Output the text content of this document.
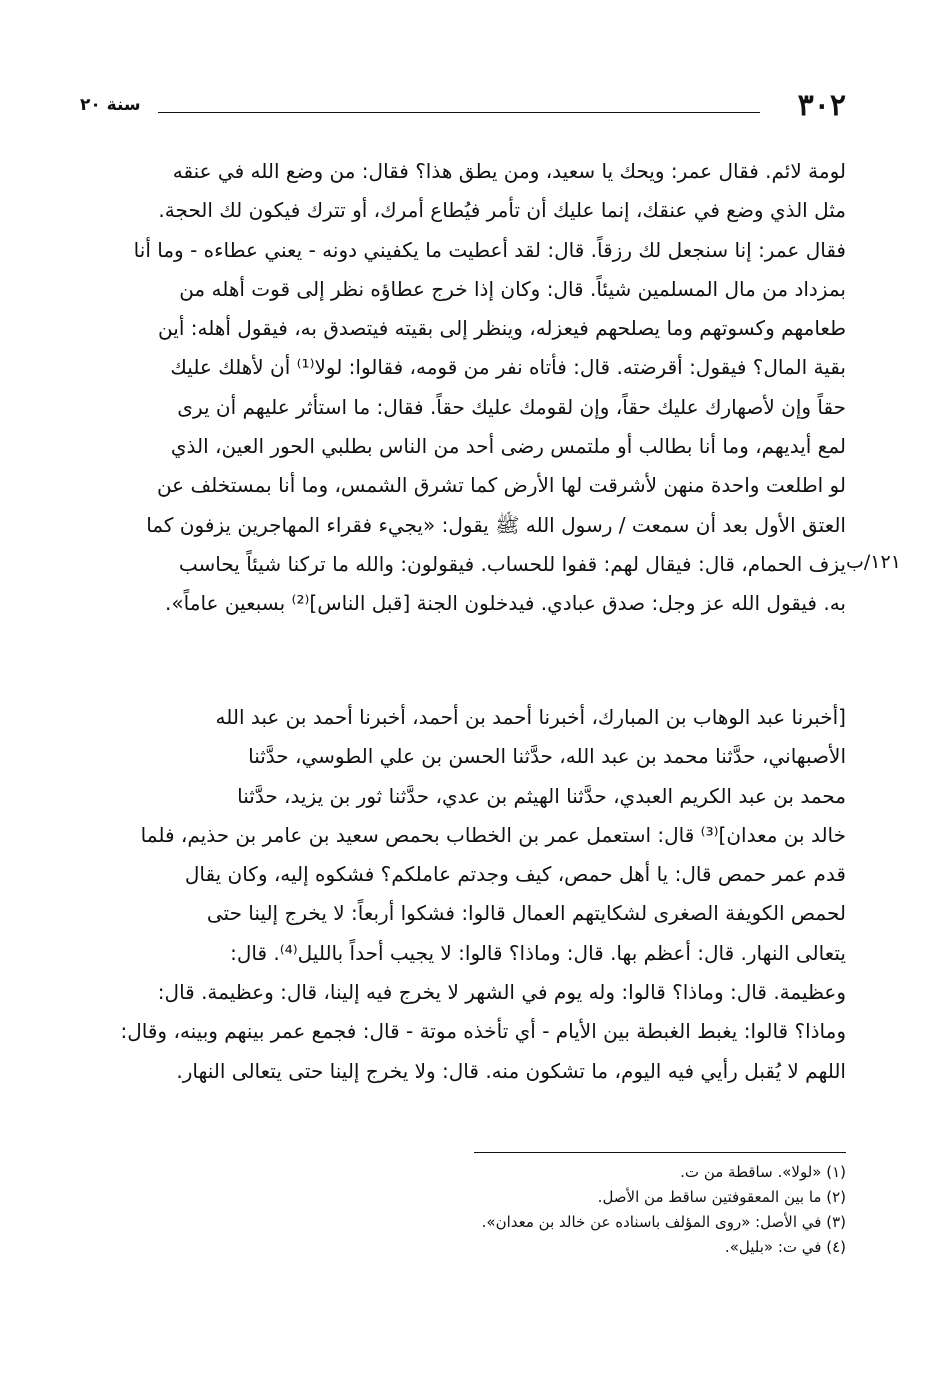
٣٠٢
سنة ٢٠
لومة لائم. فقال عمر: ويحك يا سعيد، ومن يطق هذا؟ فقال: من وضع الله في عنقه
مثل الذي وضع في عنقك، إنما عليك أن تأمر فيُطاع أمرك، أو تترك فيكون لك الحجة.
فقال عمر: إنا سنجعل لك رزقاً. قال: لقد أعطيت ما يكفيني دونه - يعني عطاءه - وما أنا
بمزداد من مال المسلمين شيئاً. قال: وكان إذا خرج عطاؤه نظر إلى قوت أهله من
طعامهم وكسوتهم وما يصلحهم فيعزله، وينظر إلى بقيته فيتصدق به، فيقول أهله: أين
بقية المال؟ فيقول: أقرضته. قال: فأتاه نفر من قومه، فقالوا: لولا⁽¹⁾ أن لأهلك عليك
حقاً وإن لأصهارك عليك حقاً، وإن لقومك عليك حقاً. فقال: ما استأثر عليهم أن يرى
لمع أيديهم، وما أنا بطالب أو ملتمس رضى أحد من الناس بطلبي الحور العين، الذي
لو اطلعت واحدة منهن لأشرقت لها الأرض كما تشرق الشمس، وما أنا بمستخلف عن
العتق الأول بعد أن سمعت / رسول الله ﷺ يقول: «يجيء فقراء المهاجرين يزفون كما
يزف الحمام، قال: فيقال لهم: قفوا للحساب. فيقولون: والله ما تركنا شيئاً يحاسب
به. فيقول الله عز وجل: صدق عبادي. فيدخلون الجنة [قبل الناس]⁽²⁾ بسبعين عاماً».
١٢١/ب
[أخبرنا عبد الوهاب بن المبارك، أخبرنا أحمد بن أحمد، أخبرنا أحمد بن عبد الله
الأصبهاني، حدَّثنا محمد بن عبد الله، حدَّثنا الحسن بن علي الطوسي، حدَّثنا
محمد بن عبد الكريم العبدي، حدَّثنا الهيثم بن عدي، حدَّثنا ثور بن يزيد، حدَّثنا
خالد بن معدان]⁽³⁾ قال: استعمل عمر بن الخطاب بحمص سعيد بن عامر بن حذيم، فلما
قدم عمر حمص قال: يا أهل حمص، كيف وجدتم عاملكم؟ فشكوه إليه، وكان يقال
لحمص الكويفة الصغرى لشكايتهم العمال قالوا: فشكوا أربعاً: لا يخرج إلينا حتى
يتعالى النهار. قال: أعظم بها. قال: وماذا؟ قالوا: لا يجيب أحداً بالليل⁽⁴⁾. قال:
وعظيمة. قال: وماذا؟ قالوا: وله يوم في الشهر لا يخرج فيه إلينا، قال: وعظيمة. قال:
وماذا؟ قالوا: يغبط الغبطة بين الأيام - أي تأخذه موتة - قال: فجمع عمر بينهم وبينه، وقال:
اللهم لا يُقبل رأيي فيه اليوم، ما تشكون منه. قال: ولا يخرج إلينا حتى يتعالى النهار.
(١) «لولا». ساقطة من ت.
(٢) ما بين المعقوفتين ساقط من الأصل.
(٣) في الأصل: «روى المؤلف باسناده عن خالد بن معدان».
(٤) في ت: «بليل».
